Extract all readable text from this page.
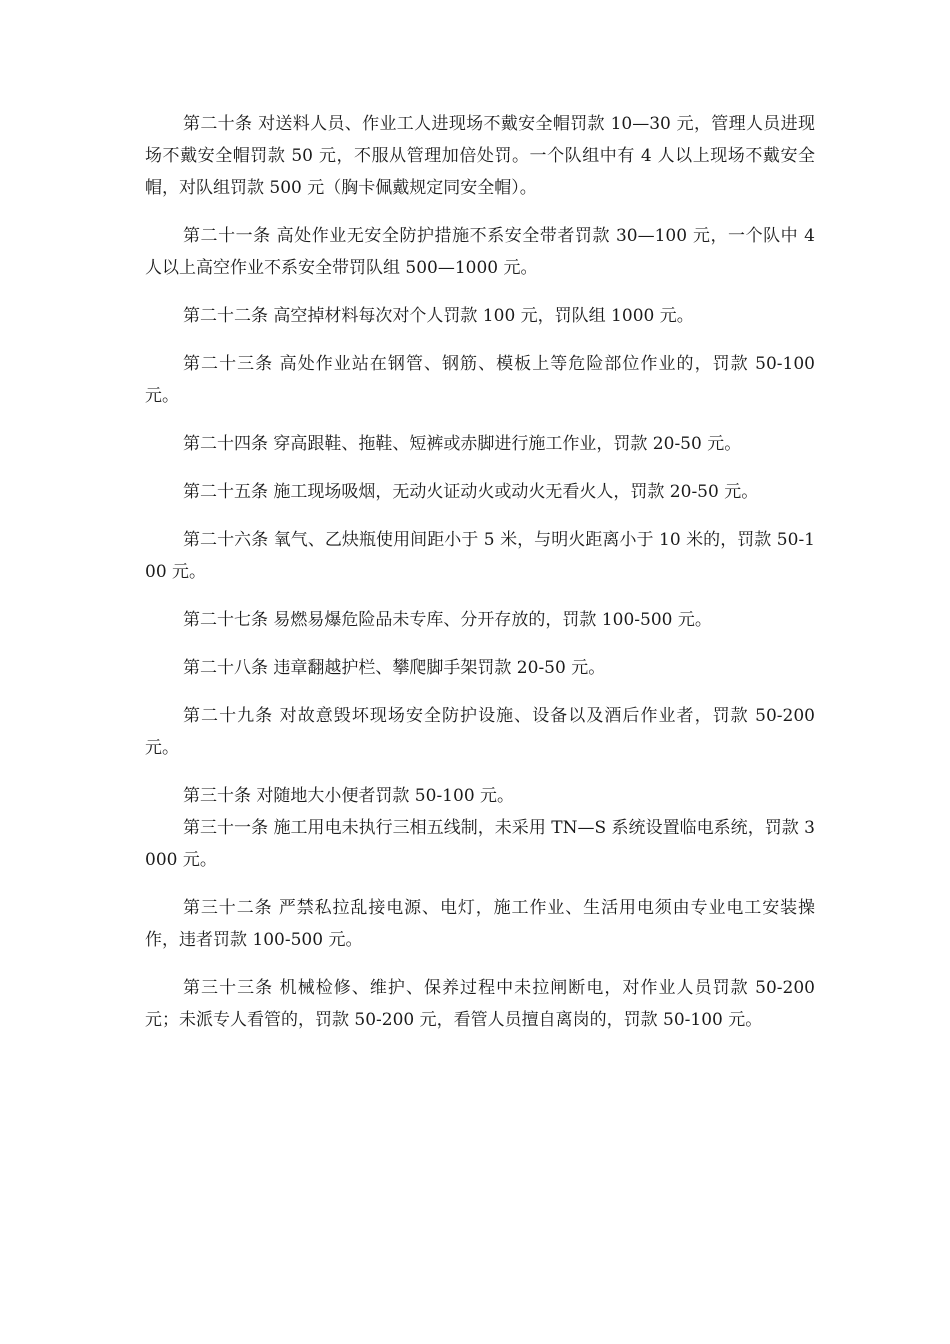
第二十条 对送料人员、作业工人进现场不戴安全帽罚款 10—30 元，管理人员进现场不戴安全帽罚款 50 元，不服从管理加倍处罚。一个队组中有 4 人以上现场不戴安全帽，对队组罚款 500 元（胸卡佩戴规定同安全帽）。

第二十一条 高处作业无安全防护措施不系安全带者罚款 30—100 元，一个队中 4 人以上高空作业不系安全带罚队组 500—1000 元。

第二十二条 高空掉材料每次对个人罚款 100 元，罚队组 1000 元。

第二十三条 高处作业站在钢管、钢筋、模板上等危险部位作业的，罚款 50-100 元。

第二十四条 穿高跟鞋、拖鞋、短裤或赤脚进行施工作业，罚款 20-50 元。

第二十五条 施工现场吸烟，无动火证动火或动火无看火人，罚款 20-50 元。

第二十六条 氧气、乙炔瓶使用间距小于 5 米，与明火距离小于 10 米的，罚款 50-100 元。

第二十七条 易燃易爆危险品未专库、分开存放的，罚款 100-500 元。

第二十八条 违章翻越护栏、攀爬脚手架罚款 20-50 元。

第二十九条 对故意毁坏现场安全防护设施、设备以及酒后作业者，罚款 50-200 元。

第三十条 对随地大小便者罚款 50-100 元。

第三十一条 施工用电未执行三相五线制，未采用 TN—S 系统设置临电系统，罚款 3000 元。

第三十二条 严禁私拉乱接电源、电灯，施工作业、生活用电须由专业电工安装操作，违者罚款 100-500 元。

第三十三条 机械检修、维护、保养过程中未拉闸断电，对作业人员罚款 50-200 元；未派专人看管的，罚款 50-200 元，看管人员擅自离岗的，罚款 50-100 元。
